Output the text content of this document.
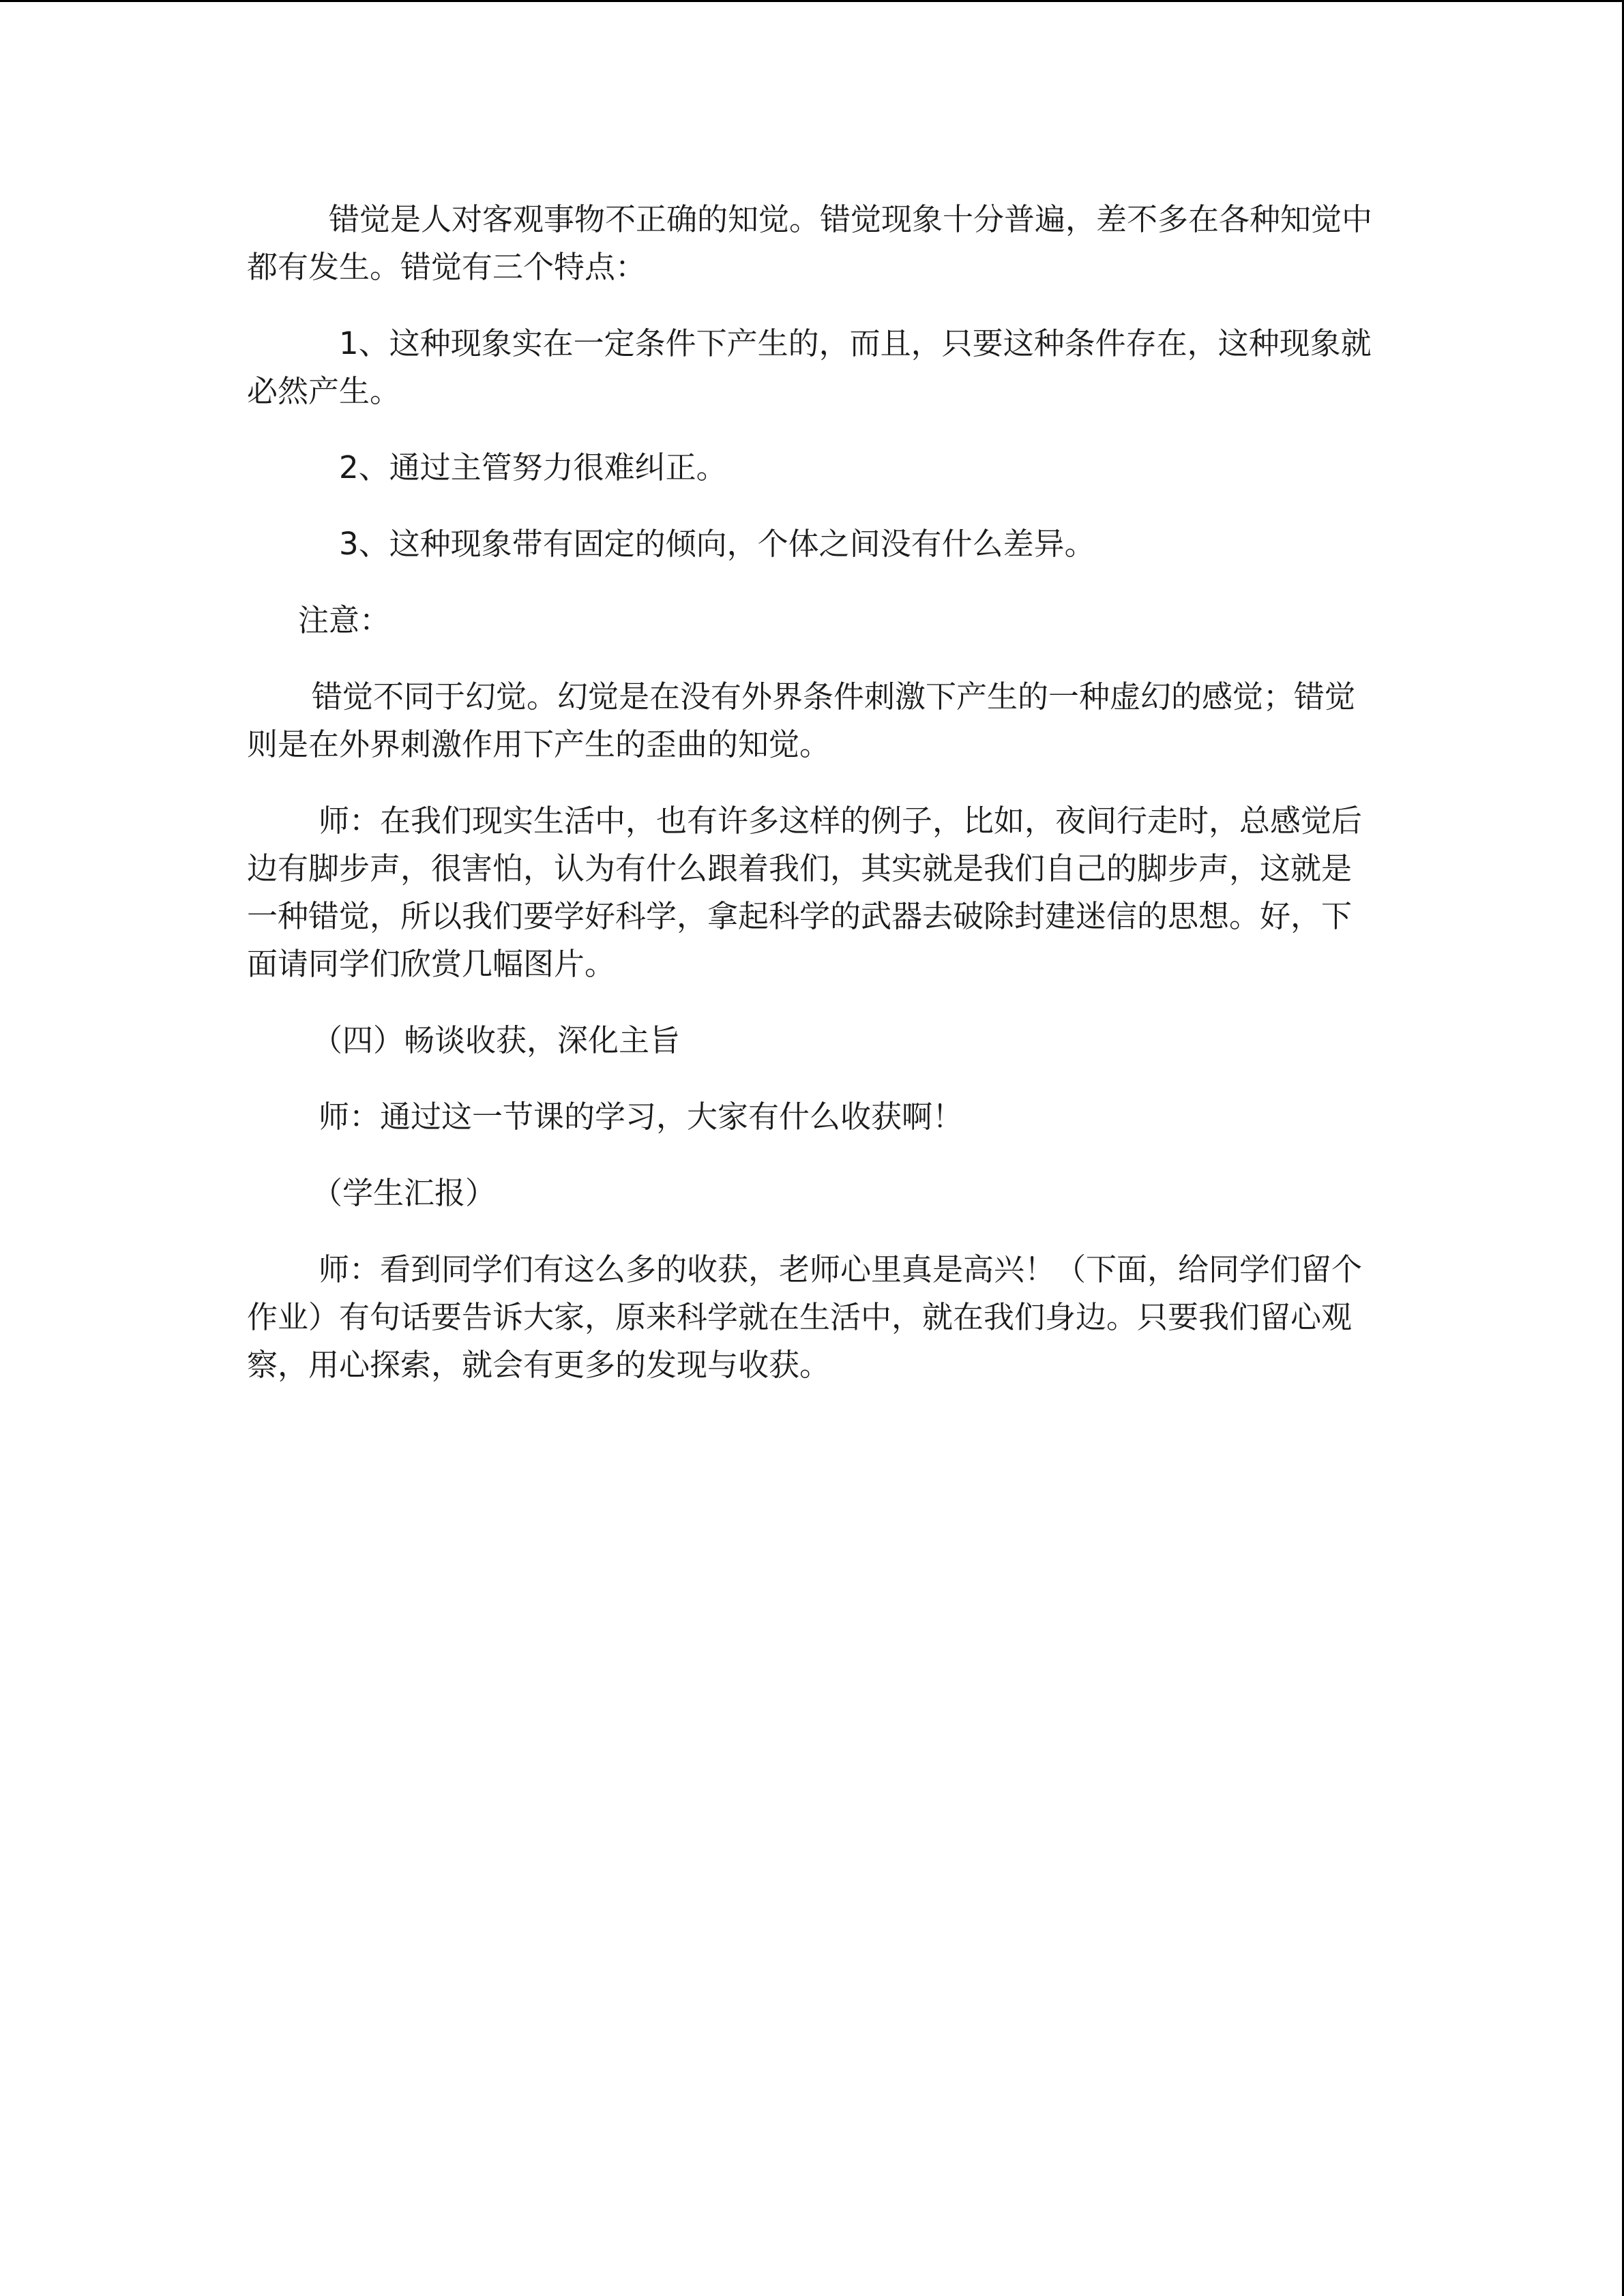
错觉是人对客观事物不正确的知觉。错觉现象十分普遍，差不多在各种知觉中都有发生。错觉有三个特点：

1、这种现象实在一定条件下产生的，而且，只要这种条件存在，这种现象就必然产生。

2、通过主管努力很难纠正。

3、这种现象带有固定的倾向，个体之间没有什么差异。

注意：

错觉不同于幻觉。幻觉是在没有外界条件刺激下产生的一种虚幻的感觉；错觉则是在外界刺激作用下产生的歪曲的知觉。

师：在我们现实生活中，也有许多这样的例子，比如，夜间行走时，总感觉后边有脚步声，很害怕，认为有什么跟着我们，其实就是我们自己的脚步声，这就是一种错觉，所以我们要学好科学，拿起科学的武器去破除封建迷信的思想。好，下面请同学们欣赏几幅图片。

（四）畅谈收获，深化主旨

师：通过这一节课的学习，大家有什么收获啊！

（学生汇报）

师：看到同学们有这么多的收获，老师心里真是高兴！（下面，给同学们留个作业）有句话要告诉大家，原来科学就在生活中，就在我们身边。只要我们留心观察，用心探索，就会有更多的发现与收获。
